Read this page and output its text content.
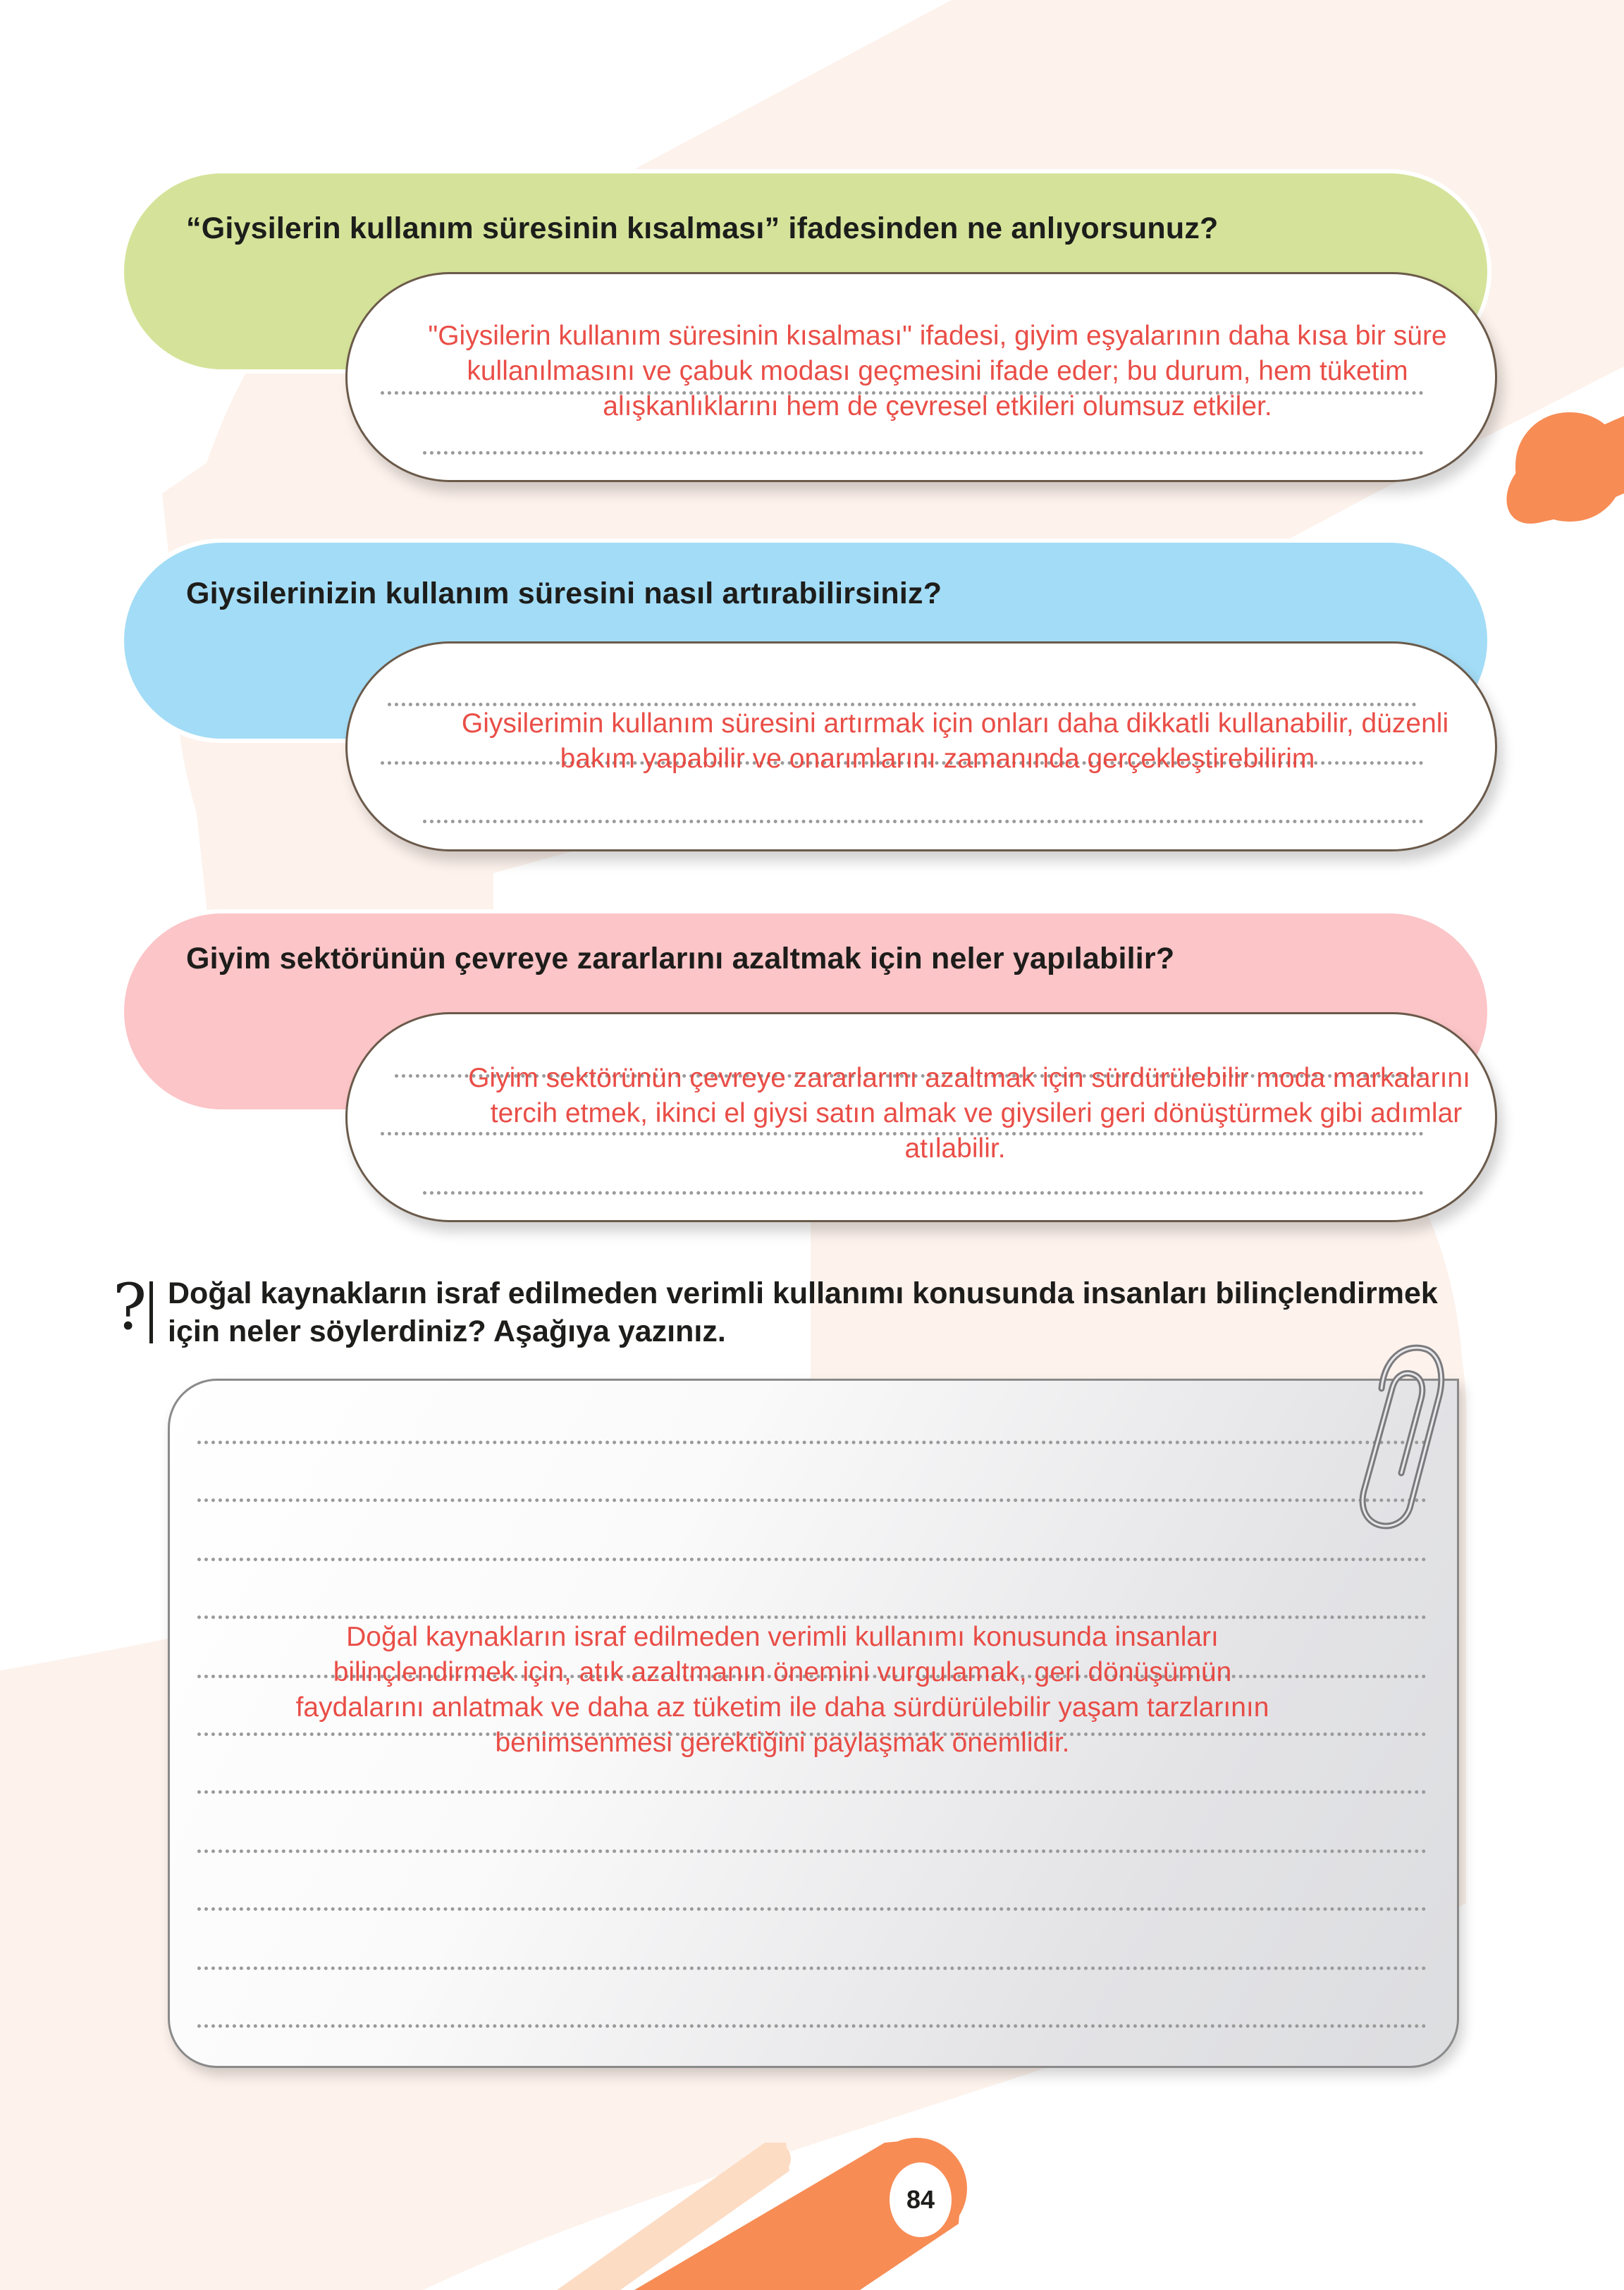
“Giysilerin kullanım süresinin kısalması” ifadesinden ne anlıyorsunuz?
"Giysilerin kullanım süresinin kısalması" ifadesi, giyim eşyalarının daha kısa bir süre
kullanılmasını ve çabuk modası geçmesini ifade eder; bu durum, hem tüketim
alışkanlıklarını hem de çevresel etkileri olumsuz etkiler.
Giysilerinizin kullanım süresini nasıl artırabilirsiniz?
Giysilerimin kullanım süresini artırmak için onları daha dikkatli kullanabilir, düzenli
bakım yapabilir ve onarımlarını zamanında gerçekleştirebilirim
Giyim sektörünün çevreye zararlarını azaltmak için neler yapılabilir?
Giyim sektörünün çevreye zararlarını azaltmak için sürdürülebilir moda markalarını
tercih etmek, ikinci el giysi satın almak ve giysileri geri dönüştürmek gibi adımlar
atılabilir.
? Doğal kaynakların israf edilmeden verimli kullanımı konusunda insanları bilinçlendirmek
için neler söylerdiniz? Aşağıya yazınız.
Doğal kaynakların israf edilmeden verimli kullanımı konusunda insanları
bilinçlendirmek için, atık azaltmanın önemini vurgulamak, geri dönüşümün
faydalarını anlatmak ve daha az tüketim ile daha sürdürülebilir yaşam tarzlarının
benimsenmesi gerektiğini paylaşmak önemlidir.
84
